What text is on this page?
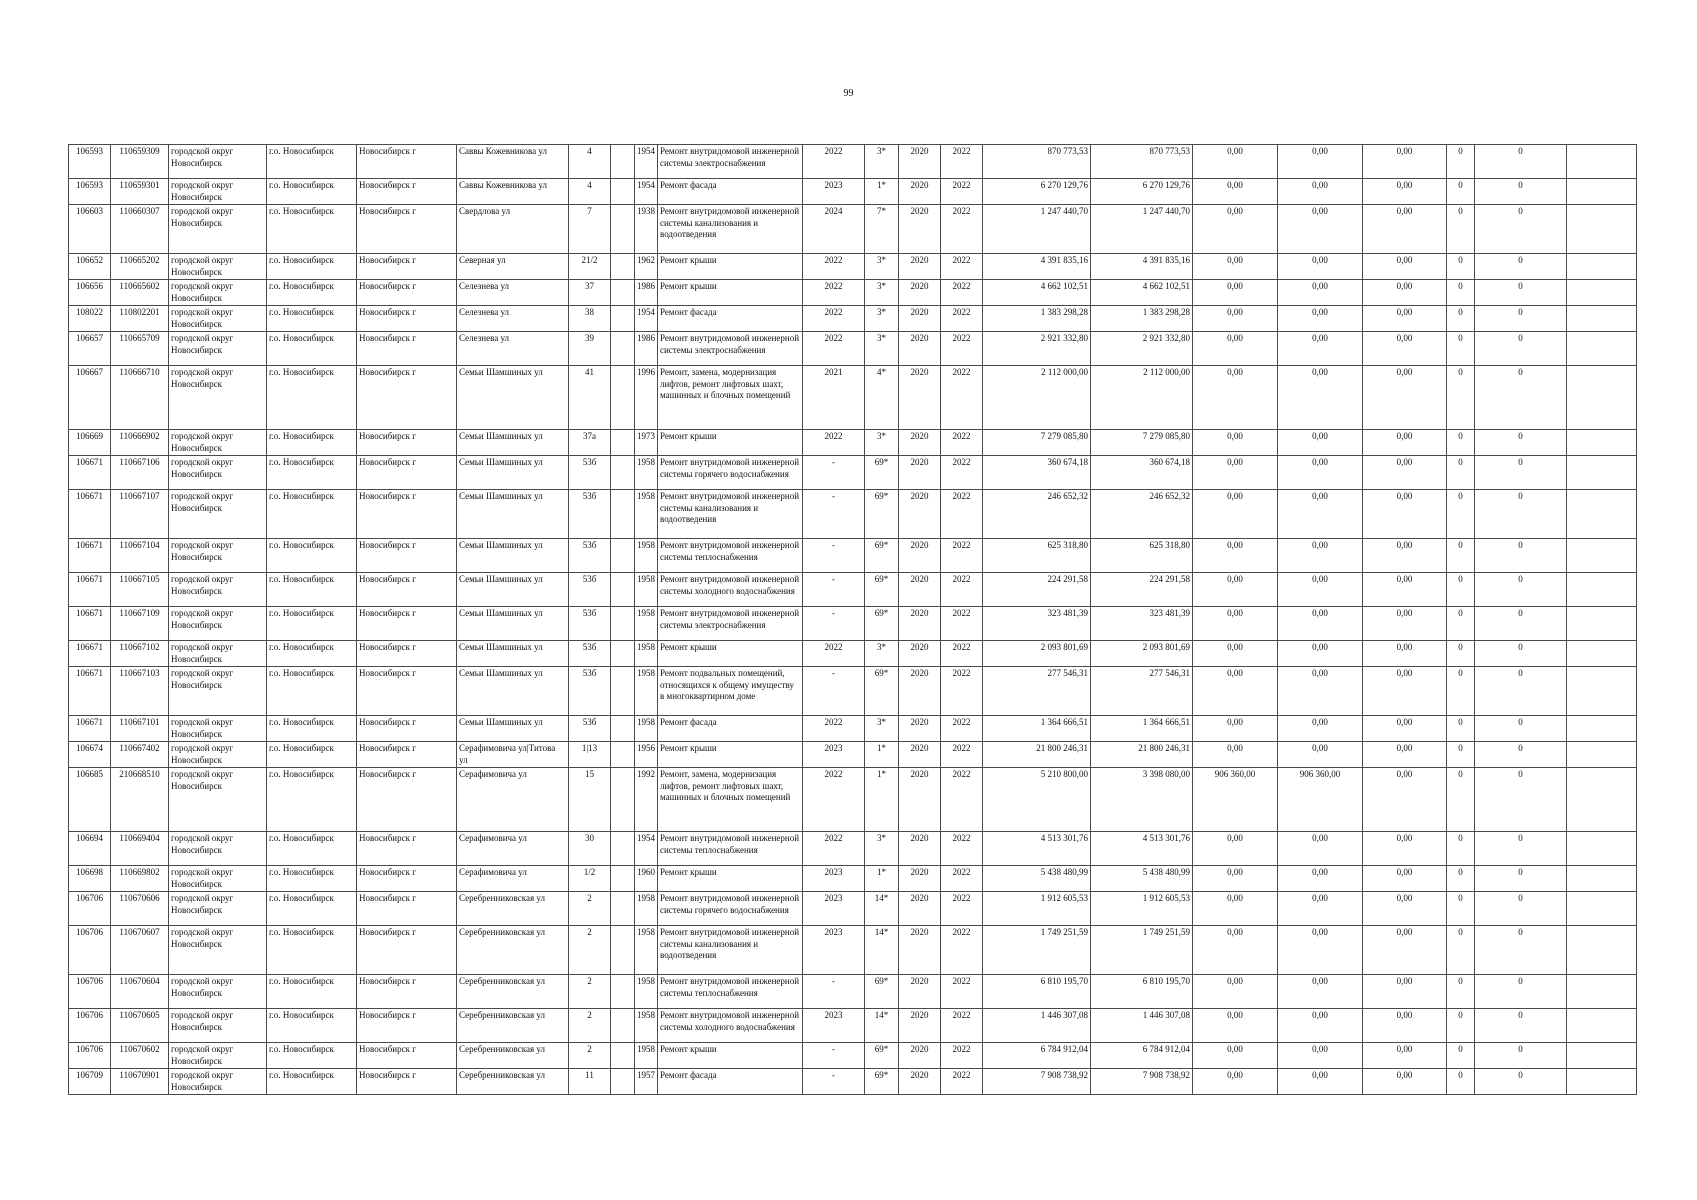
99
106593	110659309	городской округ Новосибирск	г.о. Новосибирск	Новосибирск г	Саввы Кожевникова ул	4		1954	Ремонт внутридомовой инженерной системы электроснабжения	2022	3*	2020	2022	870 773,53	870 773,53	0,00	0,00	0,00	0	0	
106593	110659301	городской округ Новосибирск	г.о. Новосибирск	Новосибирск г	Саввы Кожевникова ул	4		1954	Ремонт фасада	2023	1*	2020	2022	6 270 129,76	6 270 129,76	0,00	0,00	0,00	0	0	
106603	110660307	городской округ Новосибирск	г.о. Новосибирск	Новосибирск г	Свердлова ул	7		1938	Ремонт внутридомовой инженерной системы канализования и водоотведения	2024	7*	2020	2022	1 247 440,70	1 247 440,70	0,00	0,00	0,00	0	0	
106652	110665202	городской округ Новосибирск	г.о. Новосибирск	Новосибирск г	Северная ул	21/2		1962	Ремонт крыши	2022	3*	2020	2022	4 391 835,16	4 391 835,16	0,00	0,00	0,00	0	0	
106656	110665602	городской округ Новосибирск	г.о. Новосибирск	Новосибирск г	Селезнева ул	37		1986	Ремонт крыши	2022	3*	2020	2022	4 662 102,51	4 662 102,51	0,00	0,00	0,00	0	0	
108022	110802201	городской округ Новосибирск	г.о. Новосибирск	Новосибирск г	Селезнева ул	38		1954	Ремонт фасада	2022	3*	2020	2022	1 383 298,28	1 383 298,28	0,00	0,00	0,00	0	0	
106657	110665709	городской округ Новосибирск	г.о. Новосибирск	Новосибирск г	Селезнева ул	39		1986	Ремонт внутридомовой инженерной системы электроснабжения	2022	3*	2020	2022	2 921 332,80	2 921 332,80	0,00	0,00	0,00	0	0	
106667	110666710	городской округ Новосибирск	г.о. Новосибирск	Новосибирск г	Семьи Шамшиных ул	41		1996	Ремонт, замена, модернизация лифтов, ремонт лифтовых шахт, машинных и блочных помещений	2021	4*	2020	2022	2 112 000,00	2 112 000,00	0,00	0,00	0,00	0	0	
106669	110666902	городской округ Новосибирск	г.о. Новосибирск	Новосибирск г	Семьи Шамшиных ул	37а		1973	Ремонт крыши	2022	3*	2020	2022	7 279 085,80	7 279 085,80	0,00	0,00	0,00	0	0	
106671	110667106	городской округ Новосибирск	г.о. Новосибирск	Новосибирск г	Семьи Шамшиных ул	53б		1958	Ремонт внутридомовой инженерной системы горячего водоснабжения	-	69*	2020	2022	360 674,18	360 674,18	0,00	0,00	0,00	0	0	
106671	110667107	городской округ Новосибирск	г.о. Новосибирск	Новосибирск г	Семьи Шамшиных ул	53б		1958	Ремонт внутридомовой инженерной системы канализования и водоотведения	-	69*	2020	2022	246 652,32	246 652,32	0,00	0,00	0,00	0	0	
106671	110667104	городской округ Новосибирск	г.о. Новосибирск	Новосибирск г	Семьи Шамшиных ул	53б		1958	Ремонт внутридомовой инженерной системы теплоснабжения	-	69*	2020	2022	625 318,80	625 318,80	0,00	0,00	0,00	0	0	
106671	110667105	городской округ Новосибирск	г.о. Новосибирск	Новосибирск г	Семьи Шамшиных ул	53б		1958	Ремонт внутридомовой инженерной системы холодного водоснабжения	-	69*	2020	2022	224 291,58	224 291,58	0,00	0,00	0,00	0	0	
106671	110667109	городской округ Новосибирск	г.о. Новосибирск	Новосибирск г	Семьи Шамшиных ул	53б		1958	Ремонт внутридомовой инженерной системы электроснабжения	-	69*	2020	2022	323 481,39	323 481,39	0,00	0,00	0,00	0	0	
106671	110667102	городской округ Новосибирск	г.о. Новосибирск	Новосибирск г	Семьи Шамшиных ул	53б		1958	Ремонт крыши	2022	3*	2020	2022	2 093 801,69	2 093 801,69	0,00	0,00	0,00	0	0	
106671	110667103	городской округ Новосибирск	г.о. Новосибирск	Новосибирск г	Семьи Шамшиных ул	53б		1958	Ремонт подвальных помещений, относящихся к общему имуществу в многоквартирном доме	-	69*	2020	2022	277 546,31	277 546,31	0,00	0,00	0,00	0	0	
106671	110667101	городской округ Новосибирск	г.о. Новосибирск	Новосибирск г	Семьи Шамшиных ул	53б		1958	Ремонт фасада	2022	3*	2020	2022	1 364 666,51	1 364 666,51	0,00	0,00	0,00	0	0	
106674	110667402	городской округ Новосибирск	г.о. Новосибирск	Новосибирск г	Серафимовича ул|Титова ул	1|13		1956	Ремонт крыши	2023	1*	2020	2022	21 800 246,31	21 800 246,31	0,00	0,00	0,00	0	0	
106685	210668510	городской округ Новосибирск	г.о. Новосибирск	Новосибирск г	Серафимовича ул	15		1992	Ремонт, замена, модернизация лифтов, ремонт лифтовых шахт, машинных и блочных помещений	2022	1*	2020	2022	5 210 800,00	3 398 080,00	906 360,00	906 360,00	0,00	0	0	
106694	110669404	городской округ Новосибирск	г.о. Новосибирск	Новосибирск г	Серафимовича ул	30		1954	Ремонт внутридомовой инженерной системы теплоснабжения	2022	3*	2020	2022	4 513 301,76	4 513 301,76	0,00	0,00	0,00	0	0	
106698	110669802	городской округ Новосибирск	г.о. Новосибирск	Новосибирск г	Серафимовича ул	1/2		1960	Ремонт крыши	2023	1*	2020	2022	5 438 480,99	5 438 480,99	0,00	0,00	0,00	0	0	
106706	110670606	городской округ Новосибирск	г.о. Новосибирск	Новосибирск г	Серебренниковская ул	2		1958	Ремонт внутридомовой инженерной системы горячего водоснабжения	2023	14*	2020	2022	1 912 605,53	1 912 605,53	0,00	0,00	0,00	0	0	
106706	110670607	городской округ Новосибирск	г.о. Новосибирск	Новосибирск г	Серебренниковская ул	2		1958	Ремонт внутридомовой инженерной системы канализования и водоотведения	2023	14*	2020	2022	1 749 251,59	1 749 251,59	0,00	0,00	0,00	0	0	
106706	110670604	городской округ Новосибирск	г.о. Новосибирск	Новосибирск г	Серебренниковская ул	2		1958	Ремонт внутридомовой инженерной системы теплоснабжения	-	69*	2020	2022	6 810 195,70	6 810 195,70	0,00	0,00	0,00	0	0	
106706	110670605	городской округ Новосибирск	г.о. Новосибирск	Новосибирск г	Серебренниковская ул	2		1958	Ремонт внутридомовой инженерной системы холодного водоснабжения	2023	14*	2020	2022	1 446 307,08	1 446 307,08	0,00	0,00	0,00	0	0	
106706	110670602	городской округ Новосибирск	г.о. Новосибирск	Новосибирск г	Серебренниковская ул	2		1958	Ремонт крыши	-	69*	2020	2022	6 784 912,04	6 784 912,04	0,00	0,00	0,00	0	0	
106709	110670901	городской округ Новосибирск	г.о. Новосибирск	Новосибирск г	Серебренниковская ул	11		1957	Ремонт фасада	-	69*	2020	2022	7 908 738,92	7 908 738,92	0,00	0,00	0,00	0	0	
